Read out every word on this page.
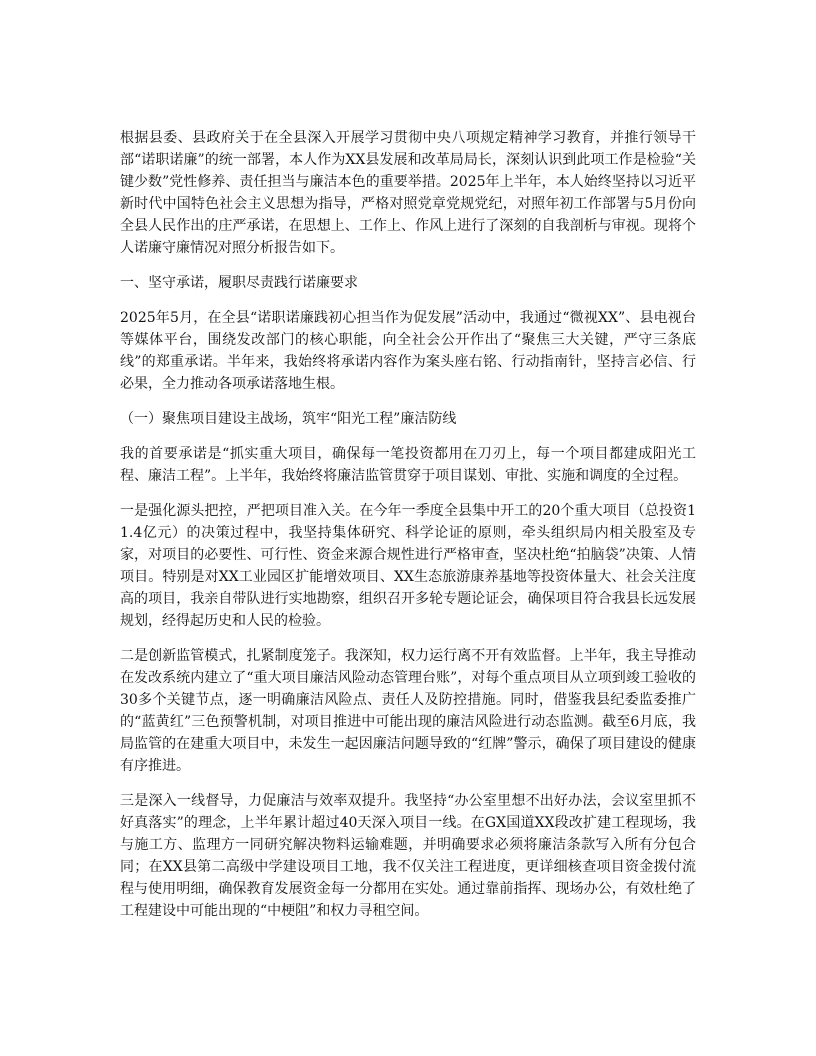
根据县委、县政府关于在全县深入开展学习贯彻中央八项规定精神学习教育，并推行领导干部“诺职诺廉”的统一部署，本人作为XX县发展和改革局局长，深刻认识到此项工作是检验“关键少数”党性修养、责任担当与廉洁本色的重要举措。2025年上半年，本人始终坚持以习近平新时代中国特色社会主义思想为指导，严格对照党章党规党纪，对照年初工作部署与5月份向全县人民作出的庄严承诺，在思想上、工作上、作风上进行了深刻的自我剖析与审视。现将个人诺廉守廉情况对照分析报告如下。

一、坚守承诺，履职尽责践行诺廉要求

2025年5月，在全县“诺职诺廉践初心担当作为促发展”活动中，我通过“微视XX”、县电视台等媒体平台，围绕发改部门的核心职能，向全社会公开作出了“聚焦三大关键，严守三条底线”的郑重承诺。半年来，我始终将承诺内容作为案头座右铭、行动指南针，坚持言必信、行必果，全力推动各项承诺落地生根。

（一）聚焦项目建设主战场，筑牢“阳光工程”廉洁防线

我的首要承诺是“抓实重大项目，确保每一笔投资都用在刀刃上，每一个项目都建成阳光工程、廉洁工程”。上半年，我始终将廉洁监管贯穿于项目谋划、审批、实施和调度的全过程。

一是强化源头把控，严把项目准入关。在今年一季度全县集中开工的20个重大项目（总投资11.4亿元）的决策过程中，我坚持集体研究、科学论证的原则，牵头组织局内相关股室及专家，对项目的必要性、可行性、资金来源合规性进行严格审查，坚决杜绝“拍脑袋”决策、人情项目。特别是对XX工业园区扩能增效项目、XX生态旅游康养基地等投资体量大、社会关注度高的项目，我亲自带队进行实地勘察，组织召开多轮专题论证会，确保项目符合我县长远发展规划，经得起历史和人民的检验。

二是创新监管模式，扎紧制度笼子。我深知，权力运行离不开有效监督。上半年，我主导推动在发改系统内建立了“重大项目廉洁风险动态管理台账”，对每个重点项目从立项到竣工验收的30多个关键节点，逐一明确廉洁风险点、责任人及防控措施。同时，借鉴我县纪委监委推广的“蓝黄红”三色预警机制，对项目推进中可能出现的廉洁风险进行动态监测。截至6月底，我局监管的在建重大项目中，未发生一起因廉洁问题导致的“红牌”警示，确保了项目建设的健康有序推进。

三是深入一线督导，力促廉洁与效率双提升。我坚持“办公室里想不出好办法，会议室里抓不好真落实”的理念，上半年累计超过40天深入项目一线。在GX国道XX段改扩建工程现场，我与施工方、监理方一同研究解决物料运输难题，并明确要求必须将廉洁条款写入所有分包合同；在XX县第二高级中学建设项目工地，我不仅关注工程进度，更详细核查项目资金拨付流程与使用明细，确保教育发展资金每一分都用在实处。通过靠前指挥、现场办公，有效杜绝了工程建设中可能出现的“中梗阻”和权力寻租空间。
